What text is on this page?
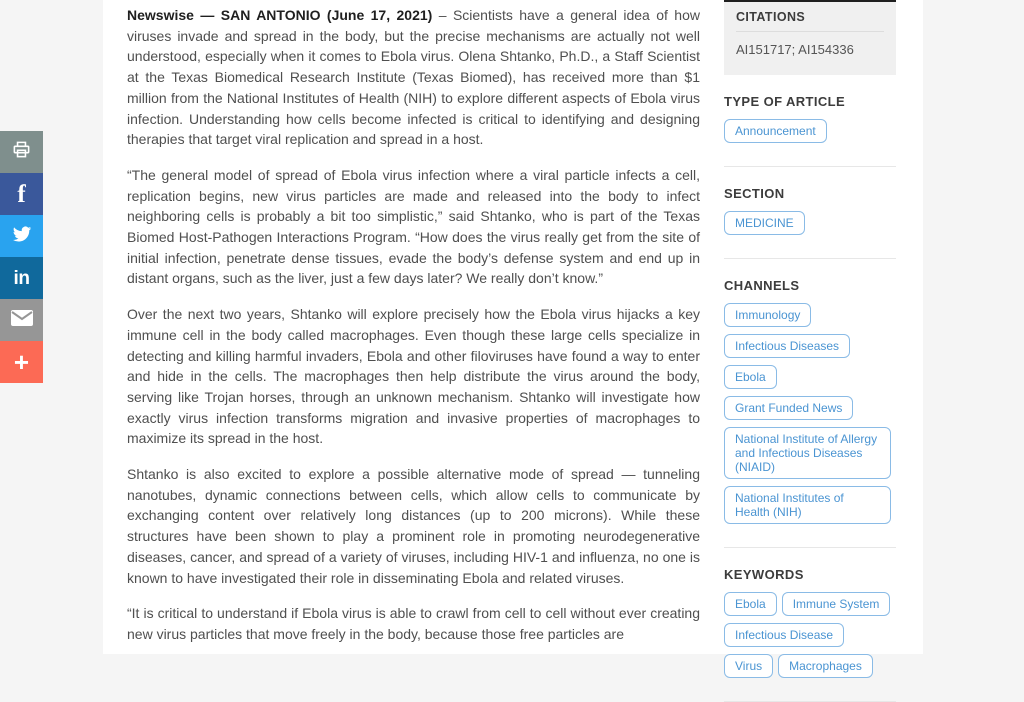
f
in
+

Newswise — SAN ANTONIO (June 17, 2021) – Scientists have a general idea of how viruses invade and spread in the body, but the precise mechanisms are actually not well understood, especially when it comes to Ebola virus. Olena Shtanko, Ph.D., a Staff Scientist at the Texas Biomedical Research Institute (Texas Biomed), has received more than $1 million from the National Institutes of Health (NIH) to explore different aspects of Ebola virus infection. Understanding how cells become infected is critical to identifying and designing therapies that target viral replication and spread in a host.

“The general model of spread of Ebola virus infection where a viral particle infects a cell, replication begins, new virus particles are made and released into the body to infect neighboring cells is probably a bit too simplistic,” said Shtanko, who is part of the Texas Biomed Host-Pathogen Interactions Program. “How does the virus really get from the site of initial infection, penetrate dense tissues, evade the body’s defense system and end up in distant organs, such as the liver, just a few days later? We really don’t know.”

Over the next two years, Shtanko will explore precisely how the Ebola virus hijacks a key immune cell in the body called macrophages. Even though these large cells specialize in detecting and killing harmful invaders, Ebola and other filoviruses have found a way to enter and hide in the cells. The macrophages then help distribute the virus around the body, serving like Trojan horses, through an unknown mechanism. Shtanko will investigate how exactly virus infection transforms migration and invasive properties of macrophages to maximize its spread in the host.

Shtanko is also excited to explore a possible alternative mode of spread — tunneling nanotubes, dynamic connections between cells, which allow cells to communicate by exchanging content over relatively long distances (up to 200 microns). While these structures have been shown to play a prominent role in promoting neurodegenerative diseases, cancer, and spread of a variety of viruses, including HIV-1 and influenza, no one is known to have investigated their role in disseminating Ebola and related viruses.

“It is critical to understand if Ebola virus is able to crawl from cell to cell without ever creating new virus particles that move freely in the body, because those free particles are

CITATIONS
AI151717; AI154336
TYPE OF ARTICLE
Announcement
SECTION
MEDICINE
CHANNELS
ImmunologyInfectious DiseasesEbolaGrant Funded NewsNational Institute of Allergy and Infectious Diseases (NIAID)National Institutes of Health (NIH)
KEYWORDS
Ebola Immune SystemInfectious DiseaseVirus Macrophages
